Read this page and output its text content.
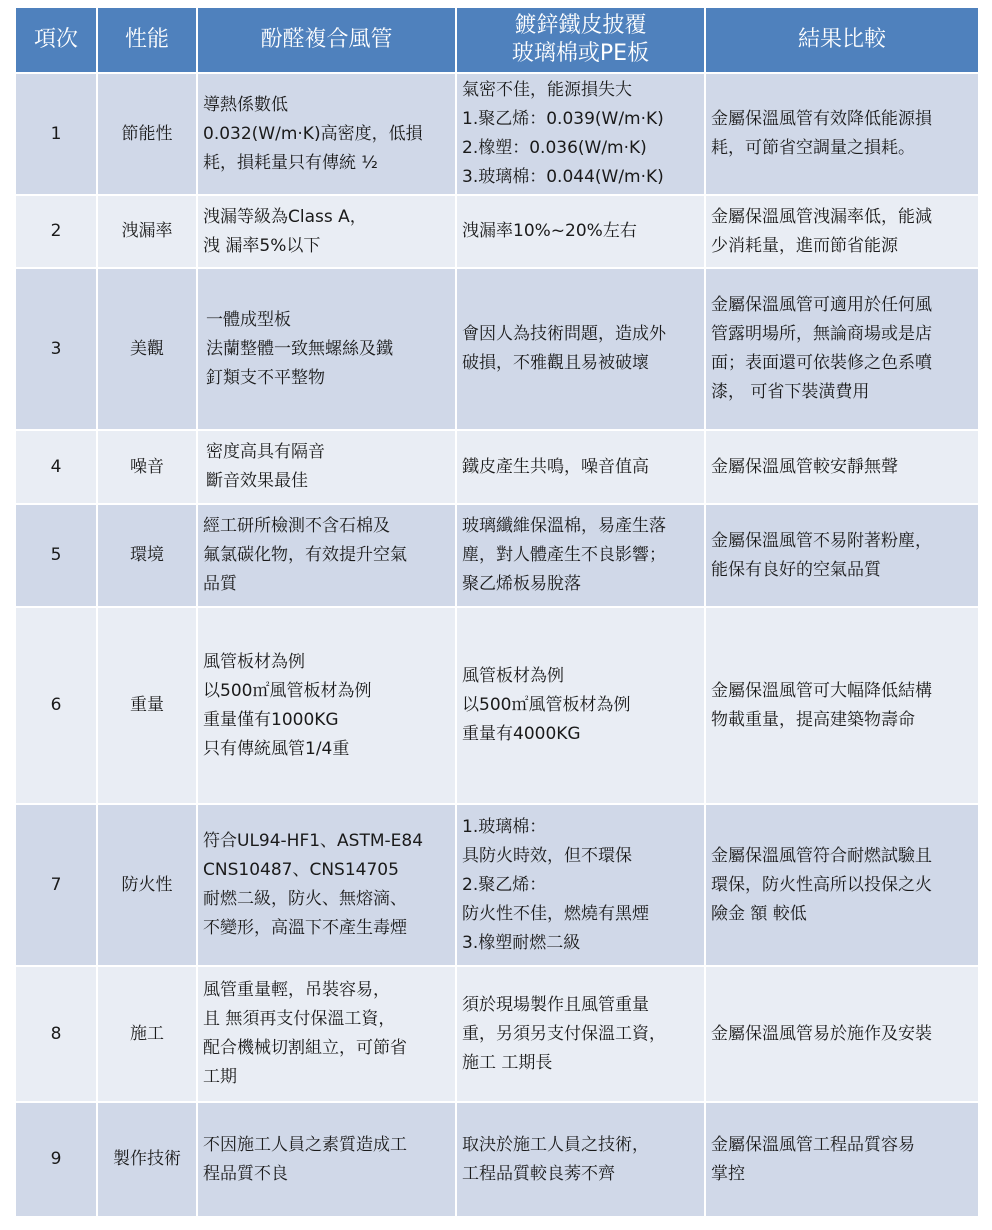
項次	性能	酚醛複合風管	鍍鋅鐵皮披覆
玻璃棉或PE板	結果比較
1	節能性	導熱係數低
0.032(W/m·K)高密度，低損
耗，損耗量只有傳統 ½	氣密不佳，能源損失大
1.聚乙烯：0.039(W/m·K)
2.橡塑：0.036(W/m·K)
3.玻璃棉：0.044(W/m·K)	金屬保溫風管有效降低能源損
耗，可節省空調量之損耗。
2	洩漏率	洩漏等級為Class A，
洩 漏率5%以下	洩漏率10%~20%左右	金屬保溫風管洩漏率低，能減
少消耗量，進而節省能源
3	美觀	一體成型板
法蘭整體一致無螺絲及鐵
釘類支不平整物	會因人為技術問題，造成外
破損，不雅觀且易被破壞	金屬保溫風管可適用於任何風
管露明場所，無論商場或是店
面；表面還可依裝修之色系噴
漆， 可省下裝潢費用
4	噪音	密度高具有隔音
斷音效果最佳	鐵皮產生共鳴，噪音值高	金屬保溫風管較安靜無聲
5	環境	經工研所檢測不含石棉及
氟氯碳化物，有效提升空氣
品質	玻璃纖維保溫棉，易產生落
塵，對人體產生不良影響；
聚乙烯板易脫落	金屬保溫風管不易附著粉塵，
能保有良好的空氣品質
6	重量	風管板材為例
以500㎡風管板材為例
重量僅有1000KG
只有傳統風管1/4重	風管板材為例
以500㎡風管板材為例
重量有4000KG	金屬保溫風管可大幅降低結構
物載重量，提高建築物壽命
7	防火性	符合UL94-HF1、ASTM-E84
CNS10487、CNS14705
耐燃二級，防火、無熔滴、
不變形，高溫下不產生毒煙	1.玻璃棉：
具防火時效，但不環保
2.聚乙烯：
防火性不佳，燃燒有黑煙
3.橡塑耐燃二級	金屬保溫風管符合耐燃試驗且
環保，防火性高所以投保之火
險金 額 較低
8	施工	風管重量輕，吊裝容易，
且 無須再支付保溫工資，
配合機械切割組立，可節省
工期	須於現場製作且風管重量
重，另須另支付保溫工資，
施工 工期長	金屬保溫風管易於施作及安裝
9	製作技術	不因施工人員之素質造成工
程品質不良	取決於施工人員之技術，
工程品質較良莠不齊	金屬保溫風管工程品質容易
掌控
